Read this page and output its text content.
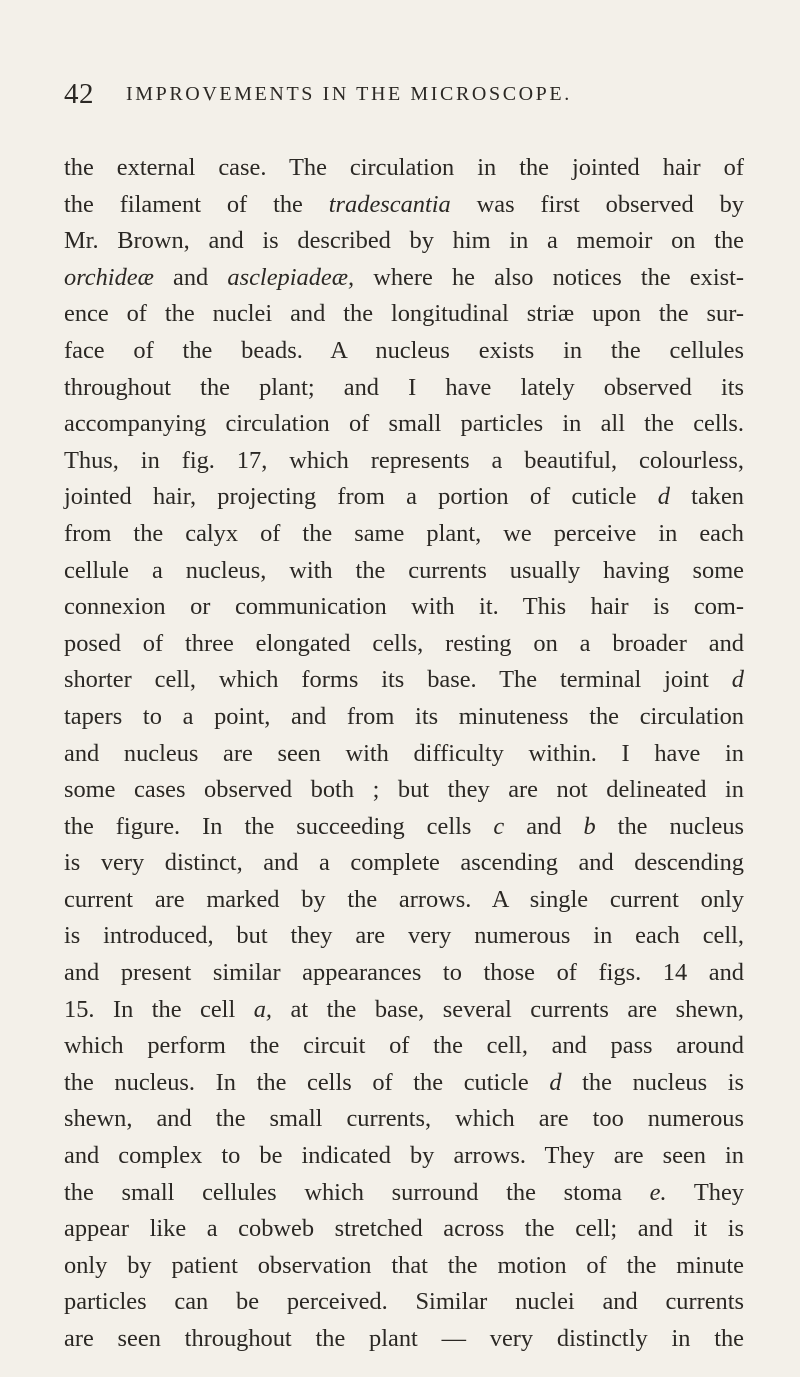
42 IMPROVEMENTS IN THE MICROSCOPE.
the external case. The circulation in the jointed hair of
the filament of the tradescantia was first observed by
Mr. Brown, and is described by him in a memoir on the
orchideæ and asclepiadeæ, where he also notices the exist-
ence of the nuclei and the longitudinal striæ upon the sur-
face of the beads. A nucleus exists in the cellules
throughout the plant; and I have lately observed its
accompanying circulation of small particles in all the cells.
Thus, in fig. 17, which represents a beautiful, colourless,
jointed hair, projecting from a portion of cuticle d taken
from the calyx of the same plant, we perceive in each
cellule a nucleus, with the currents usually having some
connexion or communication with it. This hair is com-
posed of three elongated cells, resting on a broader and
shorter cell, which forms its base. The terminal joint d
tapers to a point, and from its minuteness the circulation
and nucleus are seen with difficulty within. I have in
some cases observed both ; but they are not delineated in
the figure. In the succeeding cells c and b the nucleus
is very distinct, and a complete ascending and descending
current are marked by the arrows. A single current only
is introduced, but they are very numerous in each cell,
and present similar appearances to those of figs. 14 and
15. In the cell a, at the base, several currents are shewn,
which perform the circuit of the cell, and pass around
the nucleus. In the cells of the cuticle d the nucleus is
shewn, and the small currents, which are too numerous
and complex to be indicated by arrows. They are seen in
the small cellules which surround the stoma e. They
appear like a cobweb stretched across the cell; and it is
only by patient observation that the motion of the minute
particles can be perceived. Similar nuclei and currents
are seen throughout the plant — very distinctly in the
